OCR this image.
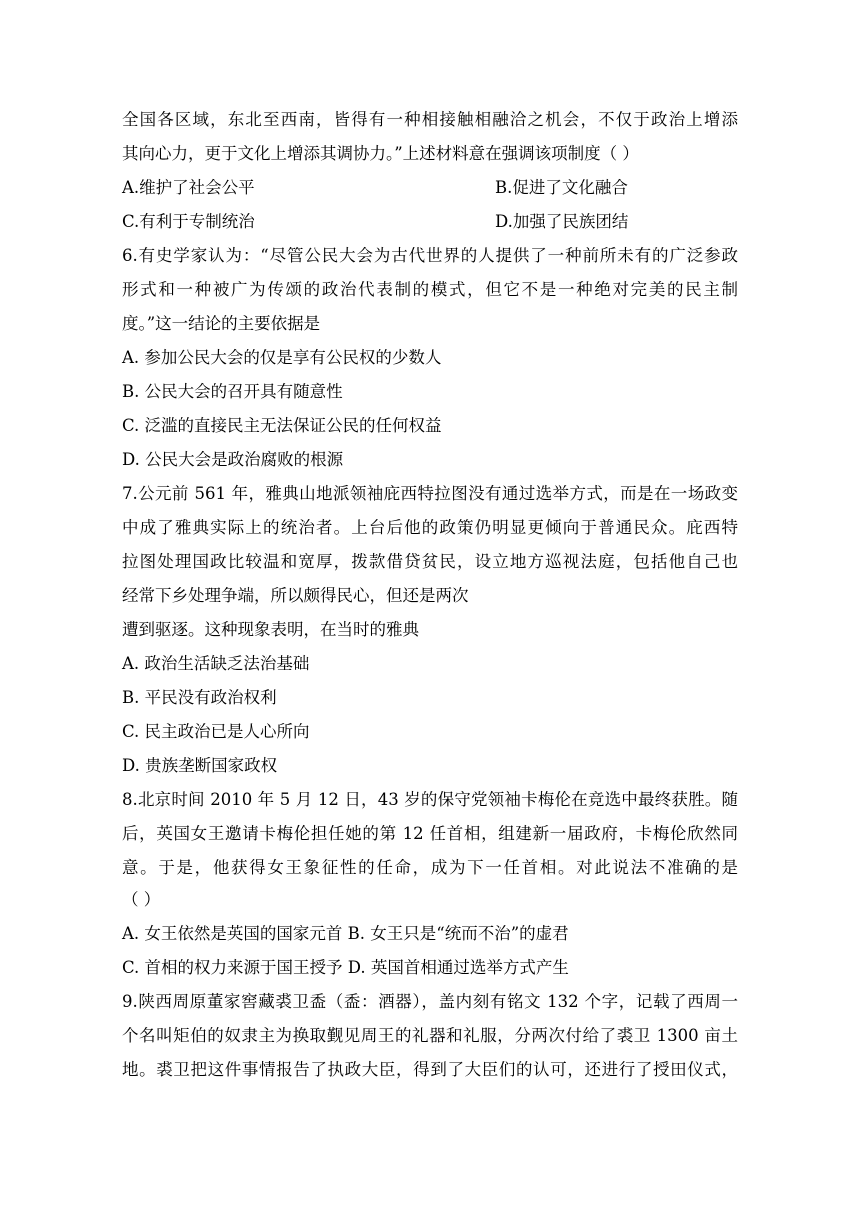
全国各区域，东北至西南，皆得有一种相接触相融洽之机会，不仅于政治上增添
其向心力，更于文化上增添其调协力。”上述材料意在强调该项制度（ ）
A.维护了社会公平	B.促进了文化融合
C.有利于专制统治	D.加强了民族团结
6.有史学家认为：“尽管公民大会为古代世界的人提供了一种前所未有的广泛参政
形式和一种被广为传颂的政治代表制的模式，但它不是一种绝对完美的民主制
度。”这一结论的主要依据是
A. 参加公民大会的仅是享有公民权的少数人
B. 公民大会的召开具有随意性
C. 泛滥的直接民主无法保证公民的任何权益
D. 公民大会是政治腐败的根源
7.公元前 561 年，雅典山地派领袖庇西特拉图没有通过选举方式，而是在一场政变
中成了雅典实际上的统治者。上台后他的政策仍明显更倾向于普通民众。庇西特
拉图处理国政比较温和宽厚，拨款借贷贫民，设立地方巡视法庭，包括他自己也
经常下乡处理争端，所以颇得民心，但还是两次
遭到驱逐。这种现象表明，在当时的雅典
A. 政治生活缺乏法治基础
B. 平民没有政治权利
C. 民主政治已是人心所向
D. 贵族垄断国家政权
8.北京时间 2010 年 5 月 12 日，43 岁的保守党领袖卡梅伦在竞选中最终获胜。随
后，英国女王邀请卡梅伦担任她的第 12 任首相，组建新一届政府，卡梅伦欣然同
意。于是，他获得女王象征性的任命，成为下一任首相。对此说法不准确的是
（ ）
A. 女王依然是英国的国家元首 B. 女王只是“统而不治”的虚君
C. 首相的权力来源于国王授予 D. 英国首相通过选举方式产生
9.陕西周原董家窖藏裘卫盉（盉：酒器），盖内刻有铭文 132 个字，记载了西周一
个名叫矩伯的奴隶主为换取觐见周王的礼器和礼服，分两次付给了裘卫 1300 亩土
地。裘卫把这件事情报告了执政大臣，得到了大臣们的认可，还进行了授田仪式，
